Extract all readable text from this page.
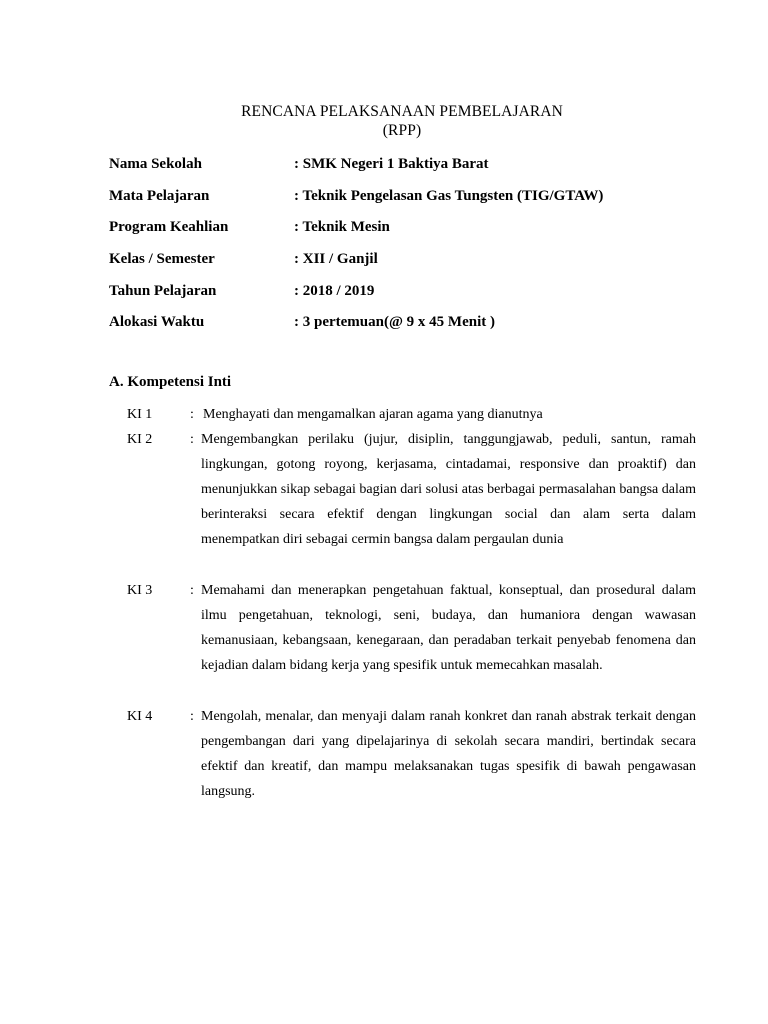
RENCANA PELAKSANAAN PEMBELAJARAN
(RPP)
Nama Sekolah	: SMK Negeri 1 Baktiya Barat
Mata Pelajaran	: Teknik Pengelasan Gas Tungsten (TIG/GTAW)
Program Keahlian	: Teknik Mesin
Kelas / Semester	: XII / Ganjil
Tahun Pelajaran	: 2018 / 2019
Alokasi Waktu	: 3 pertemuan(@ 9 x 45 Menit )
A. Kompetensi Inti
KI 1	: Menghayati dan mengamalkan ajaran agama yang dianutnya
KI 2	: Mengembangkan perilaku (jujur, disiplin, tanggungjawab, peduli, santun, ramah lingkungan, gotong royong, kerjasama, cintadamai, responsive dan proaktif) dan menunjukkan sikap sebagai bagian dari solusi atas berbagai permasalahan bangsa dalam berinteraksi secara efektif dengan lingkungan social dan alam serta dalam menempatkan diri sebagai cermin bangsa dalam pergaulan dunia
KI 3	: Memahami dan menerapkan pengetahuan faktual, konseptual, dan prosedural dalam ilmu pengetahuan, teknologi, seni, budaya, dan humaniora dengan wawasan kemanusiaan, kebangsaan, kenegaraan, dan peradaban terkait penyebab fenomena dan kejadian dalam bidang kerja yang spesifik untuk memecahkan masalah.
KI 4	: Mengolah, menalar, dan menyaji dalam ranah konkret dan ranah abstrak terkait dengan pengembangan dari yang dipelajarinya di sekolah secara mandiri, bertindak secara efektif dan kreatif, dan mampu melaksanakan tugas spesifik di bawah pengawasan langsung.
